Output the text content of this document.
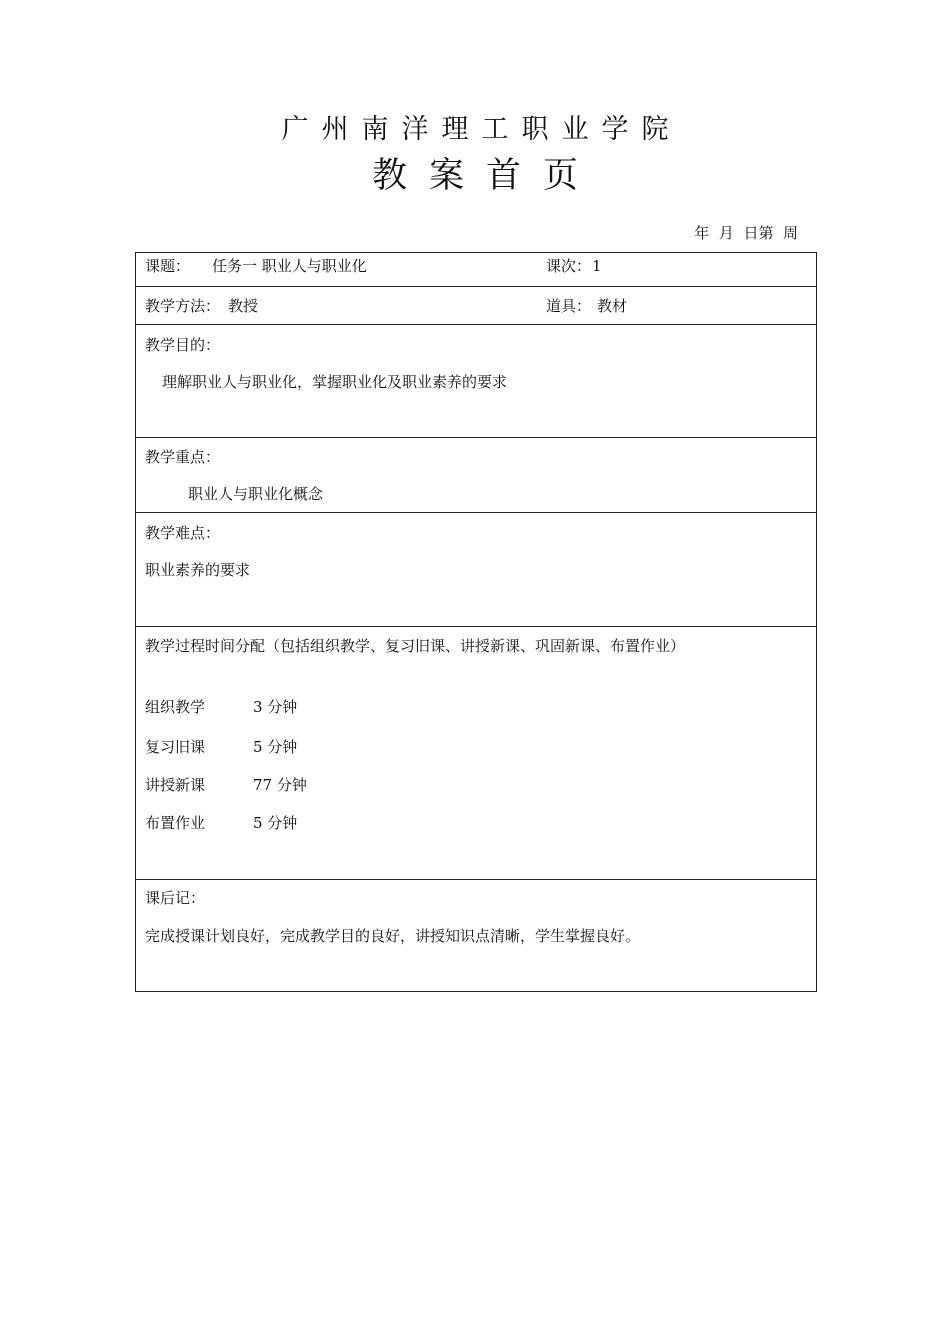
广州南洋理工职业学院
教案首页
年  月  日第  周
课题： 任务一 职业人与职业化	课次： 1
教学方法： 教授	道具： 教材
教学目的：
理解职业人与职业化，掌握职业化及职业素养的要求
教学重点：
职业人与职业化概念
教学难点：
职业素养的要求
教学过程时间分配（包括组织教学、复习旧课、讲授新课、巩固新课、布置作业）
组织教学	3 分钟
复习旧课	5 分钟
讲授新课	77 分钟
布置作业	5 分钟
课后记：
完成授课计划良好，完成教学目的良好，讲授知识点清晰，学生掌握良好。
